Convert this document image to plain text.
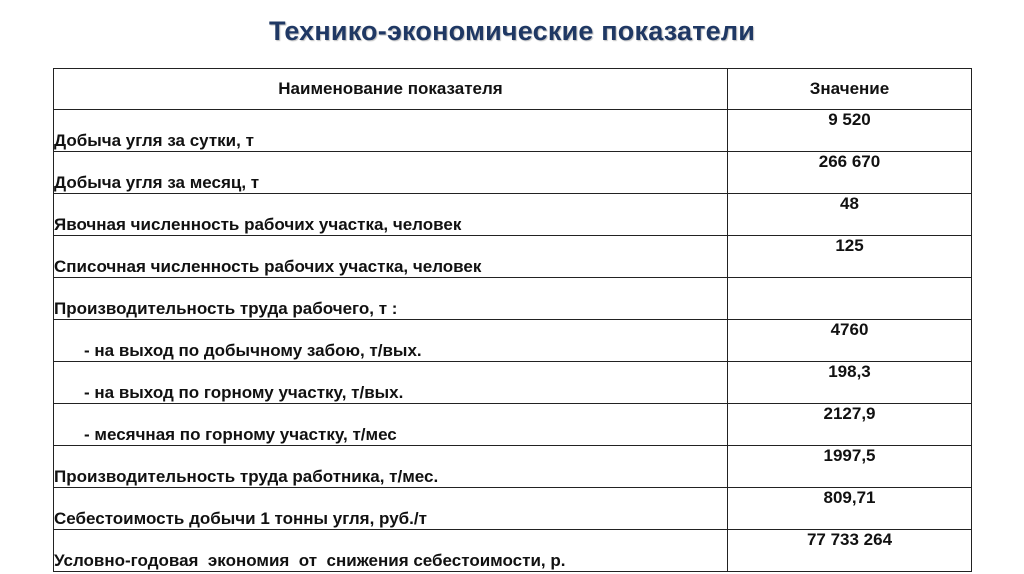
Технико-экономические показатели
Наименование показателя	Значение
Добыча угля за сутки, т	9 520
Добыча угля за месяц, т	266 670
Явочная численность рабочих участка, человек	48
Списочная численность рабочих участка, человек	125
Производительность труда рабочего, т :	
- на выход по добычному забою, т/вых.	4760
- на выход по горному участку, т/вых.	198,3
- месячная по горному участку, т/мес	2127,9
Производительность труда работника, т/мес.	1997,5
Себестоимость добычи 1 тонны угля, руб./т	809,71
Условно-годовая  экономия  от  снижения себестоимости, р.	77 733 264
